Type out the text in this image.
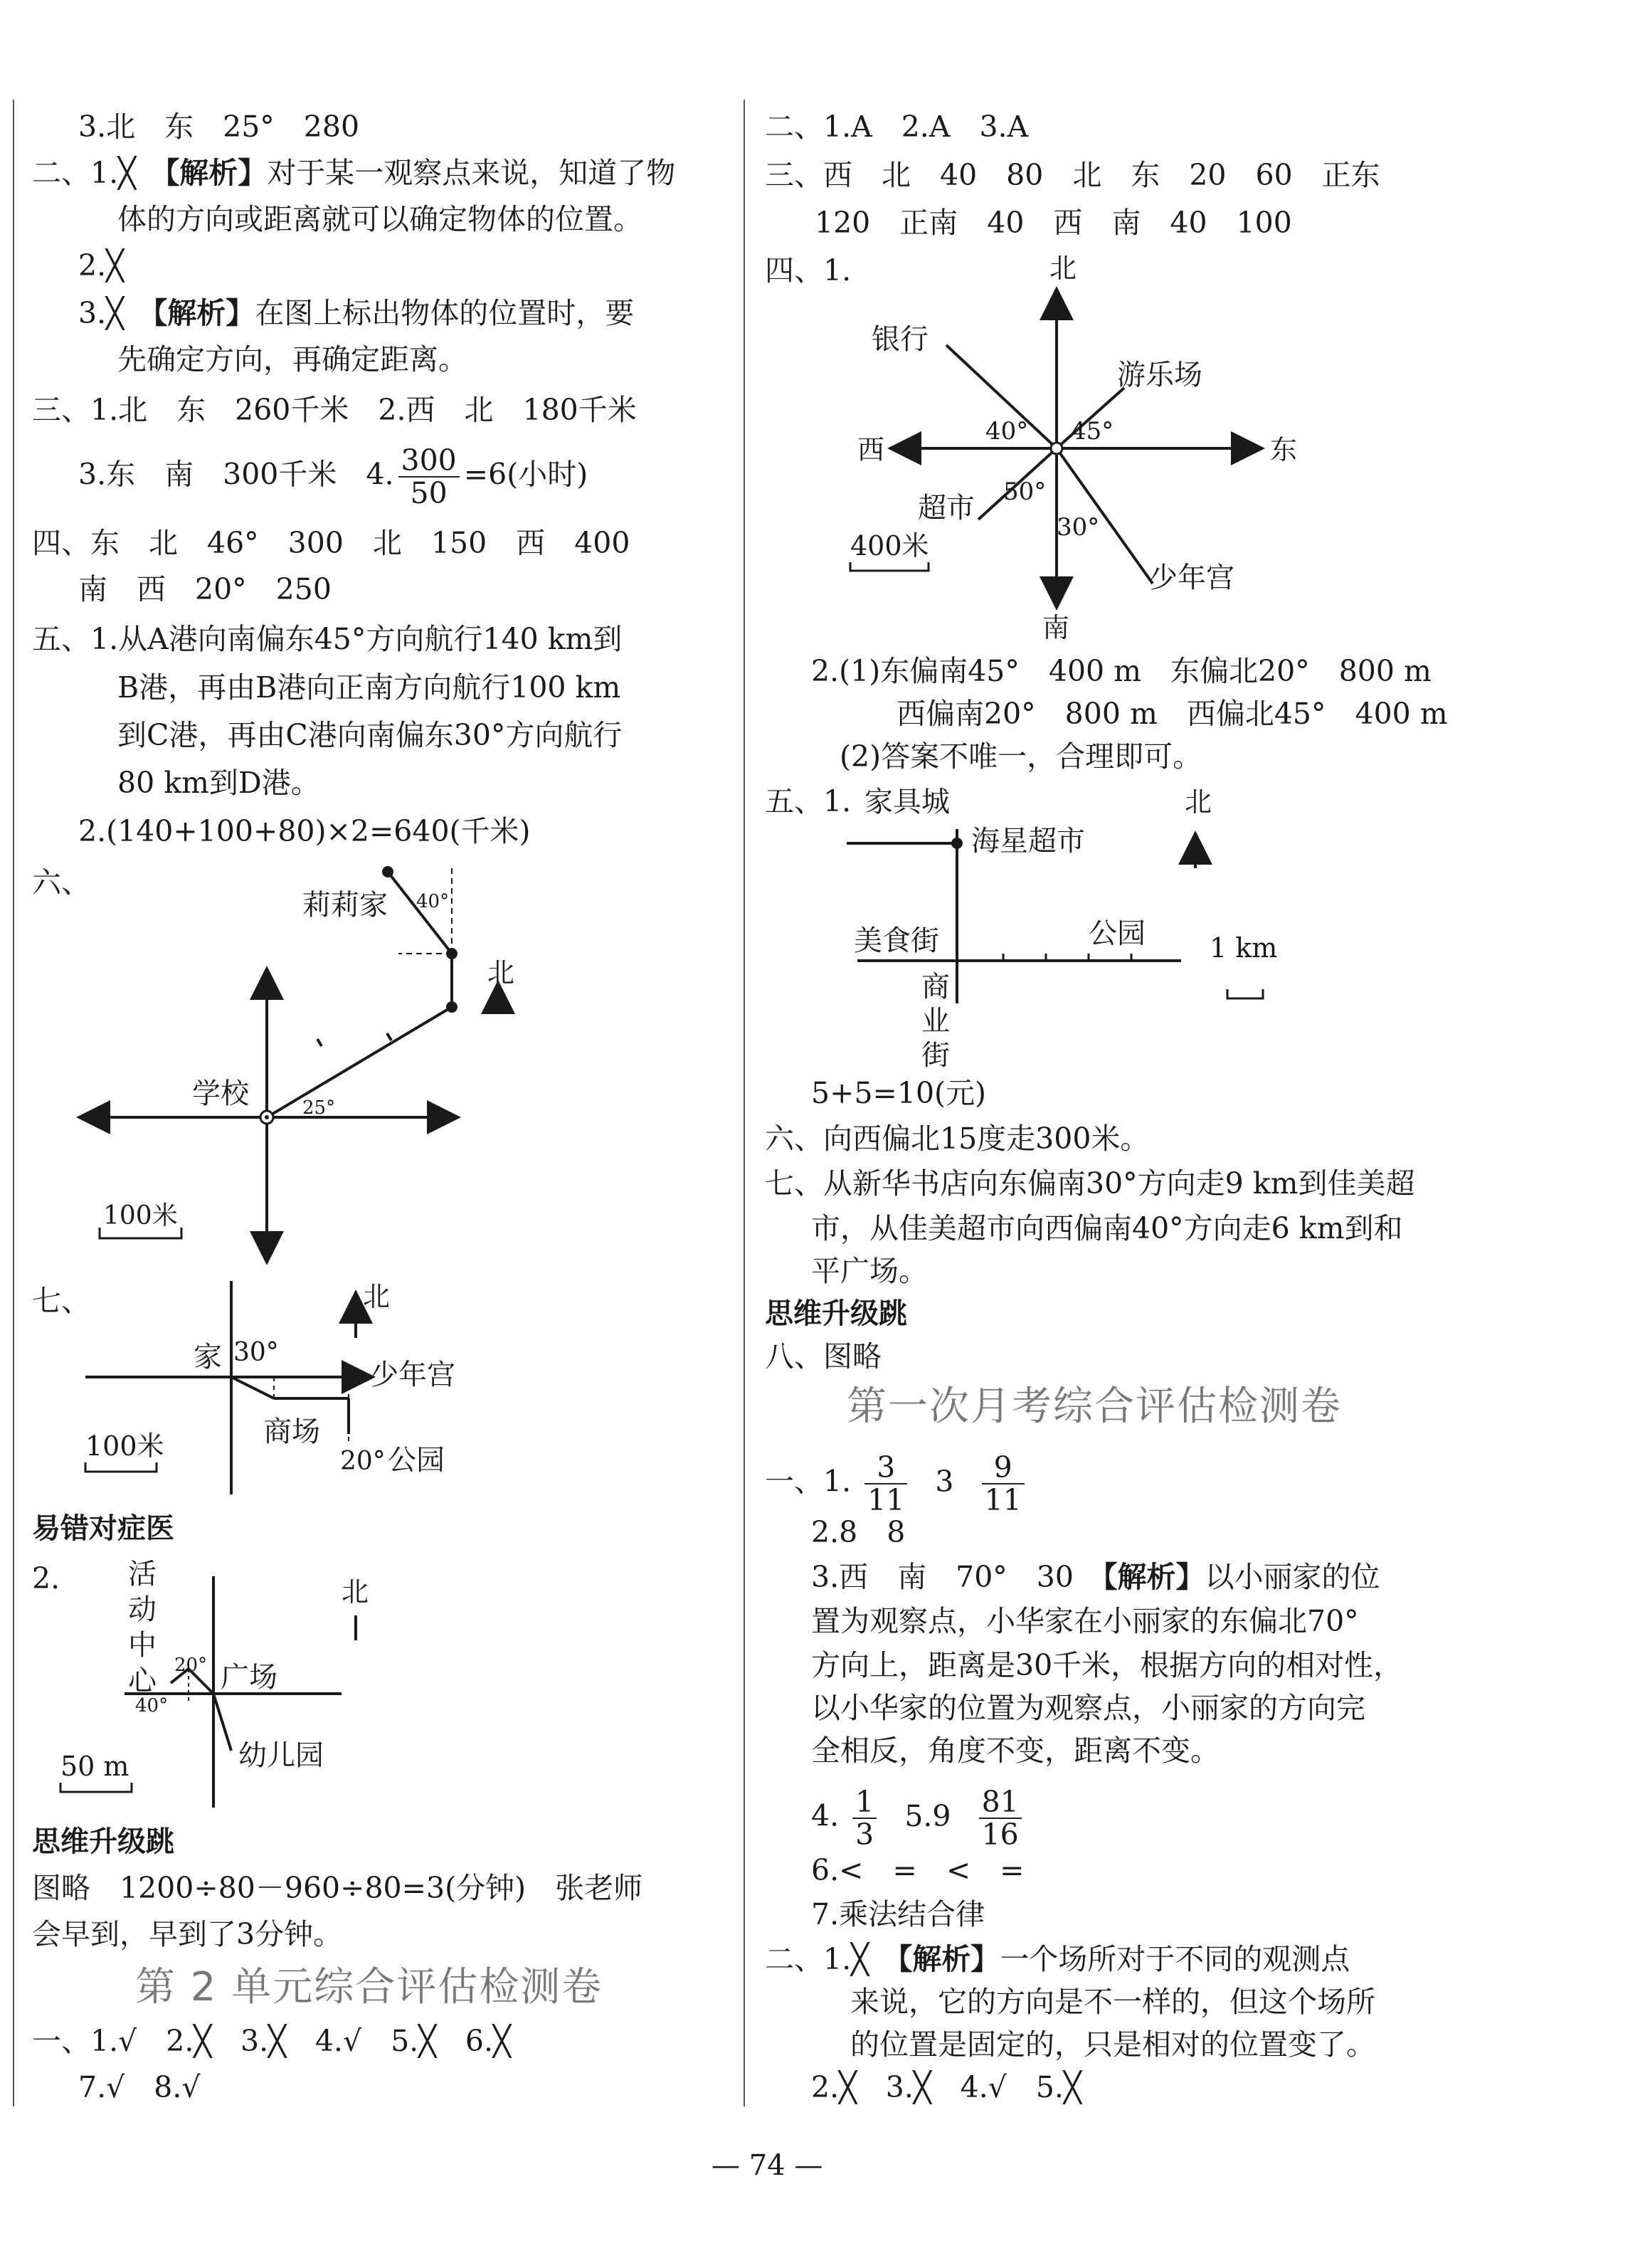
3.北　东　25°　280
二、1.╳　【解析】对于某一观察点来说，知道了物
体的方向或距离就可以确定物体的位置。
2.╳
3.╳　【解析】在图上标出物体的位置时，要
先确定方向，再确定距离。
三、1.北　东　260千米　2.西　北　180千米
3.东　南　300千米　4. $\frac{300}{50} =6$(小时)
四、东　北　46°　300　北　150　西　400
南　西　20°　250
五、1.从A港向南偏东45°方向航行140 km到
B港，再由B港向正南方向航行100 km
到C港，再由C港向南偏东30°方向航行
80 km到D港。
2.(140+100+80)×2=640(千米)
六、
莉莉家 40°
北
学校	25°
100米
七、	北
家 30°
少年宫
100米	商场
20° 公园
易错对症医
2. 活
动
中
心 20° 广场
40°
幼儿园
北
50 m
思维升级跳
图略　1200÷80－960÷80=3(分钟)　张老师
会早到，早到了3分钟。
第 2 单元综合评估检测卷
一、1.√　2.╳　3.╳　4.√　5.╳　6.╳
7.√　8.√
二、1.A　2.A　3.A
三、西　北　40　80　北　东　20　60　正东
120　正南　40　西　南　40　100
四、1.	北
银行
游乐场
西	东
40° 45°
50°
30°
超市
400米
少年宫
南
2.(1)东偏南45°　400 m　东偏北20°　800 m
西偏南20°　800 m　西偏北45°　400 m
(2)答案不唯一，合理即可。
五、1. 家具城
海星超市
北
美食街	公园 1 km
商
业
街
5+5=10(元)
六、向西偏北15度走300米。
七、从新华书店向东偏南30°方向走9 km到佳美超
市，从佳美超市向西偏南40°方向走6 km到和
平广场。
思维升级跳
八、图略
第一次月考综合评估检测卷
一、1. $\frac{3}{11} 3 \frac{9}{11}$
2.8　8
3.西　南　70°　30　【解析】以小丽家的位
置为观察点，小华家在小丽家的东偏北70°
方向上，距离是30千米，根据方向的相对性，
以小华家的位置为观察点，小丽家的方向完
全相反，角度不变，距离不变。
4. $\frac{1}{3} 5.9 \frac{81}{16}$
6.<　=　<　=
7.乘法结合律
二、1.╳　【解析】一个场所对于不同的观测点
来说，它的方向是不一样的，但这个场所
的位置是固定的，只是相对的位置变了。
2.╳　3.╳　4.√　5.╳
— 74 —
